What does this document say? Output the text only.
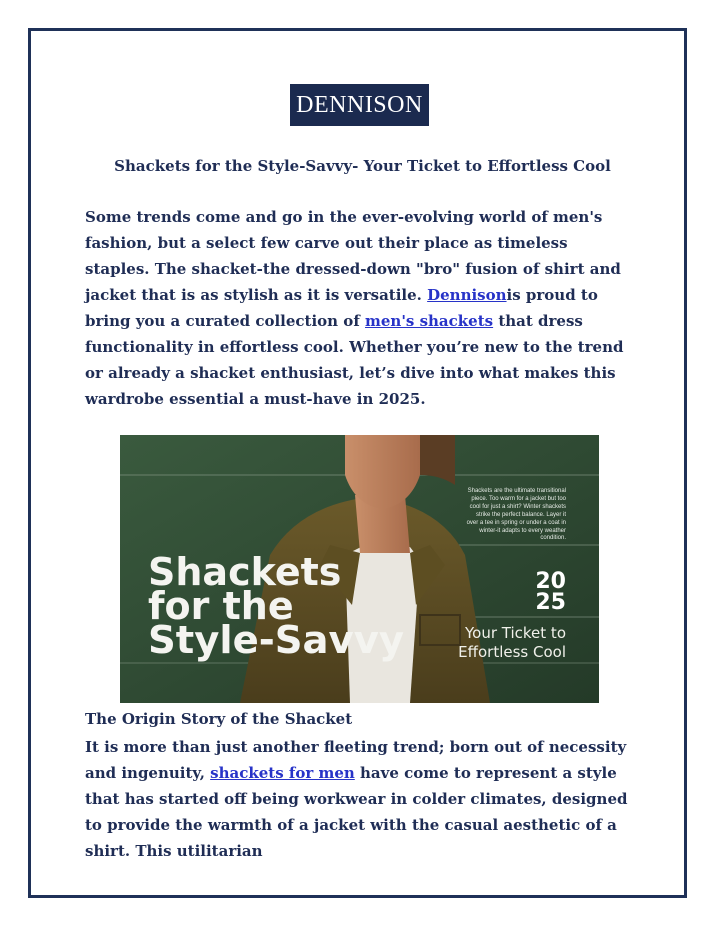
DENNISON
Shackets for the Style-Savvy- Your Ticket to Effortless Cool

Some trends come and go in the ever-evolving world of men's fashion, but a select few carve out their place as timeless staples. The shacket-the dressed-down "bro" fusion of shirt and jacket that is as stylish as it is versatile. Dennisonis proud to bring you a curated collection of men's shackets that dress functionality in effortless cool. Whether you’re new to the trend or already a shacket enthusiast, let’s dive into what makes this wardrobe essential a must-have in 2025.

Shackets are the ultimate transitional
piece. Too warm for a jacket but too
cool for just a shirt? Winter shackets
strike the perfect balance. Layer it
over a tee in spring or under a coat in
winter-it adapts to every weather
condition.
Shackets
for the
Style-Savvy
20
25
Your Ticket to
Effortless Cool
The Origin Story of the Shacket

It is more than just another fleeting trend; born out of necessity and ingenuity, shackets for men have come to represent a style that has started off being workwear in colder climates, designed to provide the warmth of a jacket with the casual aesthetic of a shirt. This utilitarian
